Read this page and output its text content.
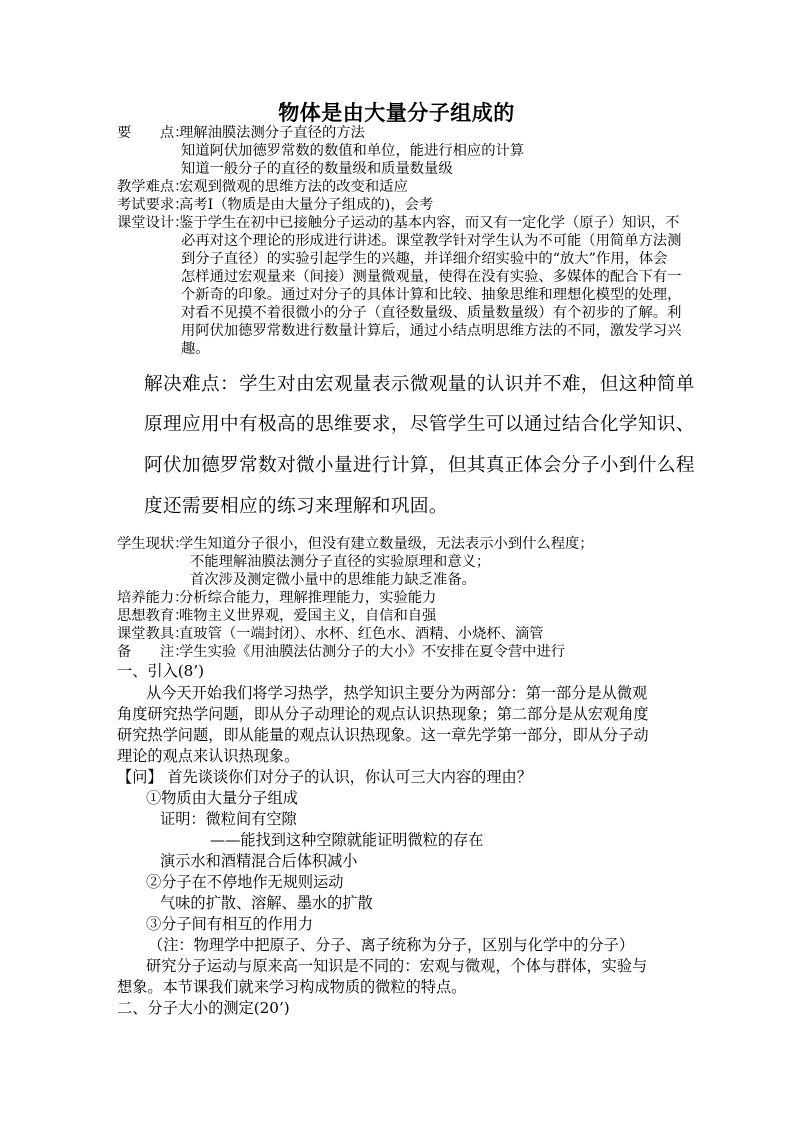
物体是由大量分子组成的
要　　点：理解油膜法测分子直径的方法
知道阿伏加德罗常数的数值和单位，能进行相应的计算
知道一般分子的直径的数量级和质量数量级
教学难点：宏观到微观的思维方法的改变和适应
考试要求：高考Ⅰ（物质是由大量分子组成的)，会考
课堂设计：鉴于学生在初中已接触分子运动的基本内容，而又有一定化学（原子）知识，不
必再对这个理论的形成进行讲述。课堂教学针对学生认为不可能（用简单方法测
到分子直径）的实验引起学生的兴趣，并详细介绍实验中的“放大”作用，体会
怎样通过宏观量来（间接）测量微观量，使得在没有实验、多媒体的配合下有一
个新奇的印象。通过对分子的具体计算和比较、抽象思维和理想化模型的处理，
对看不见摸不着很微小的分子（直径数量级、质量数量级）有个初步的了解。利
用阿伏加德罗常数进行数量计算后，通过小结点明思维方法的不同，激发学习兴
趣。
解决难点：学生对由宏观量表示微观量的认识并不难，但这种简单
原理应用中有极高的思维要求，尽管学生可以通过结合化学知识、
阿伏加德罗常数对微小量进行计算，但其真正体会分子小到什么程
度还需要相应的练习来理解和巩固。
学生现状：学生知道分子很小，但没有建立数量级，无法表示小到什么程度；
不能理解油膜法测分子直径的实验原理和意义；
首次涉及测定微小量中的思维能力缺乏准备。
培养能力：分析综合能力，理解推理能力，实验能力
思想教育：唯物主义世界观，爱国主义，自信和自强
课堂教具：直玻管（一端封闭）、水杯、红色水、酒精、小烧杯、滴管
备　　注：学生实验《用油膜法估测分子的大小》不安排在夏令营中进行
一、引入(8’)
从今天开始我们将学习热学，热学知识主要分为两部分：第一部分是从微观
角度研究热学问题，即从分子动理论的观点认识热现象；第二部分是从宏观角度
研究热学问题，即从能量的观点认识热现象。这一章先学第一部分，即从分子动
理论的观点来认识热现象。
【问】 首先谈谈你们对分子的认识，你认可三大内容的理由？
①物质由大量分子组成
证明：微粒间有空隙
——能找到这种空隙就能证明微粒的存在
演示水和酒精混合后体积减小
②分子在不停地作无规则运动
气味的扩散、溶解、墨水的扩散
③分子间有相互的作用力
（注：物理学中把原子、分子、离子统称为分子，区别与化学中的分子）
研究分子运动与原来高一知识是不同的：宏观与微观，个体与群体，实验与
想象。本节课我们就来学习构成物质的微粒的特点。
二、分子大小的测定(20’)
